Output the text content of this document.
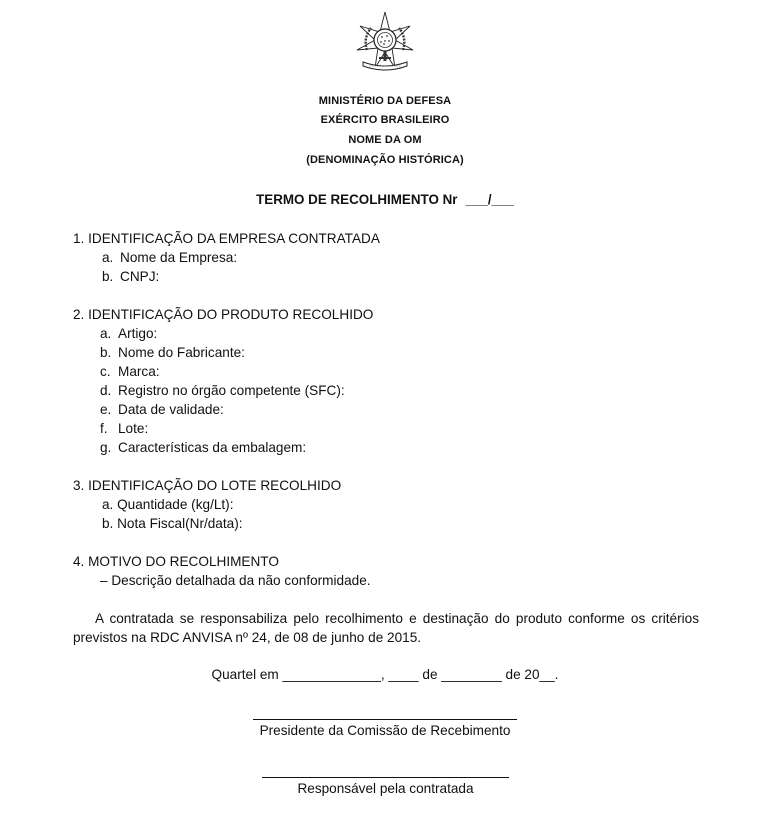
MINISTÉRIO DA DEFESA
EXÉRCITO BRASILEIRO
NOME DA OM
(DENOMINAÇÃO HISTÓRICA)
TERMO DE RECOLHIMENTO Nr ___/___
1. IDENTIFICAÇÃO DA EMPRESA CONTRATADA
a. Nome da Empresa:
b. CNPJ:
2. IDENTIFICAÇÃO DO PRODUTO RECOLHIDO
a. Artigo:
b. Nome do Fabricante:
c. Marca:
d. Registro no órgão competente (SFC):
e. Data de validade:
f. Lote:
g. Características da embalagem:
3. IDENTIFICAÇÃO DO LOTE RECOLHIDO
a. Quantidade (kg/Lt):
b. Nota Fiscal(Nr/data):
4. MOTIVO DO RECOLHIMENTO
– Descrição detalhada da não conformidade.
A contratada se responsabiliza pelo recolhimento e destinação do produto conforme os critérios previstos na RDC ANVISA nº 24, de 08 de junho de 2015.
Quartel em _____________, ____ de ________ de 20__.
Presidente da Comissão de Recebimento
Responsável pela contratada
